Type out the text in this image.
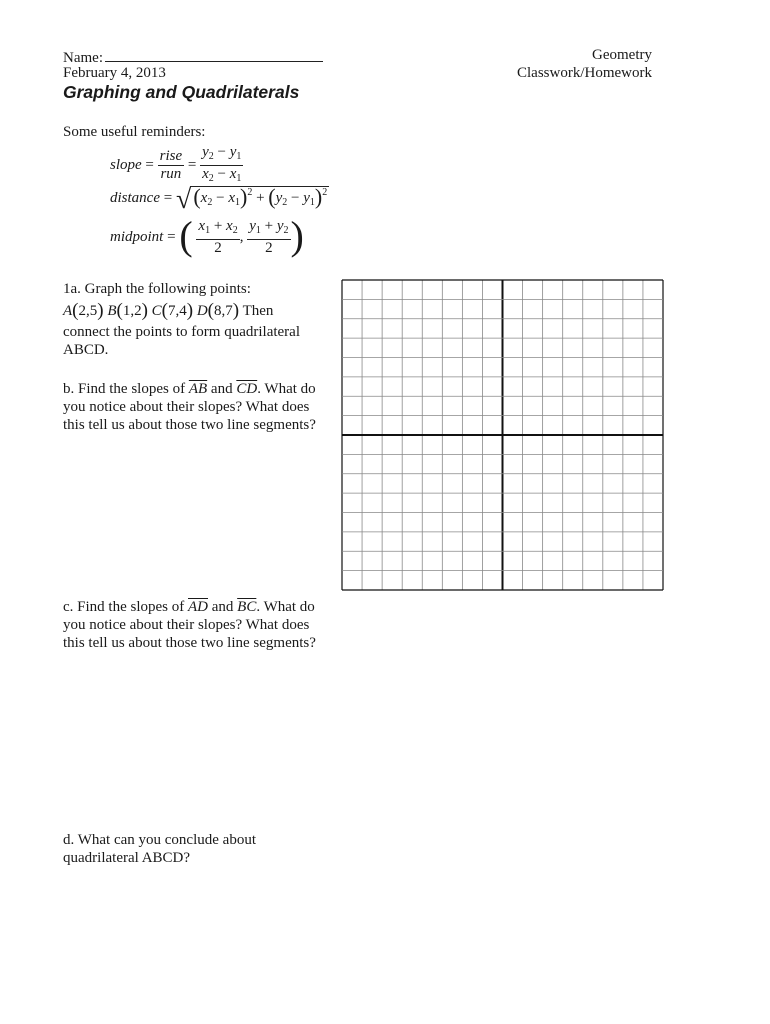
Name:
February 4, 2013
Geometry
Classwork/Homework
Graphing and Quadrilaterals
Some useful reminders:
slope = $\frac{\text{rise}}{\text{run}} = \frac{y_2 - y_1}{x_2 - x_1}$
distance = $√(x_2 - x_1)^2 + (y_2 - y_1)^2$
midpoint = ( $\frac{x_1 + x_2}{2}$ , $\frac{y_1 + y_2}{2}$ )
1a. Graph the following points:
A(2,5) B(1,2) C(7,4) D(8,7) Then
connect the points to form quadrilateral
ABCD.
b. Find the slopes of $\overline{AB}$ and $\overline{CD}$. What do
you notice about their slopes? What does
this tell us about those two line segments?
c. Find the slopes of $\overline{AD}$ and $\overline{BC}$. What do
you notice about their slopes? What does
this tell us about those two line segments?
d. What can you conclude about
quadrilateral ABCD?
